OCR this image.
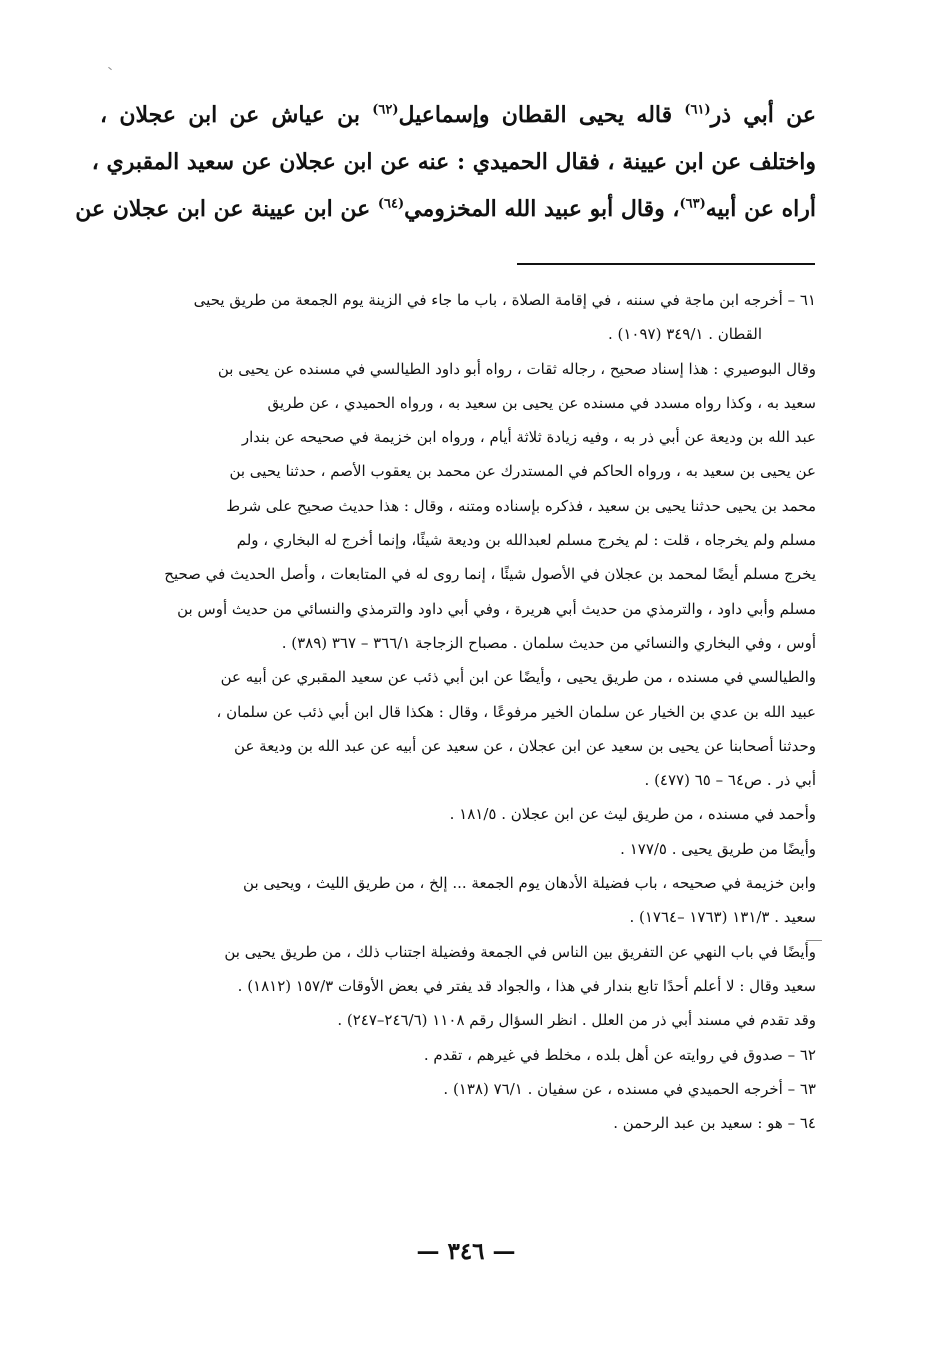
عن أبي ذر$^{(٦١)}$ قاله يحيى القطان وإسماعيل$^{(٦٢)}$ بن عياش عن ابن عجلان ،

واختلف عن ابن عيينة ، فقال الحميدي : عنه عن ابن عجلان عن سعيد المقبري ،

أراه عن أبيه$^{(٦٣)}$، وقال أبو عبيد الله المخزومي$^{(٦٤)}$ عن ابن عيينة عن ابن عجلان عن

٦١ – أخرجه ابن ماجة في سننه ، في إقامة الصلاة ، باب ما جاء في الزينة يوم الجمعة من طريق يحيى
القطان . ٣٤٩/١ (١٠٩٧) .
وقال البوصيري : هذا إسناد صحيح ، رجاله ثقات ، رواه أبو داود الطيالسي في مسنده عن يحيى بن
سعيد به ، وكذا رواه مسدد في مسنده عن يحيى بن سعيد به ، ورواه الحميدي ، عن طريق
عبد الله بن وديعة عن أبي ذر به ، وفيه زيادة ثلاثة أيام ، ورواه ابن خزيمة في صحيحه عن بندار
عن يحيى بن سعيد به ، ورواه الحاكم في المستدرك عن محمد بن يعقوب الأصم ، حدثنا يحيى بن
محمد بن يحيى حدثنا يحيى بن سعيد ، فذكره بإسناده ومتنه ، وقال : هذا حديث صحيح على شرط
مسلم ولم يخرجاه ، قلت : لم يخرج مسلم لعبدالله بن وديعة شيئًا، وإنما أخرج له البخاري ، ولم
يخرج مسلم أيضًا لمحمد بن عجلان في الأصول شيئًا ، إنما روى له في المتابعات ، وأصل الحديث في صحيح
مسلم وأبي داود ، والترمذي من حديث أبي هريرة ، وفي أبي داود والترمذي والنسائي من حديث أوس بن
أوس ، وفي البخاري والنسائي من حديث سلمان . مصباح الزجاجة ٣٦٦/١ – ٣٦٧ (٣٨٩) .
والطيالسي في مسنده ، من طريق يحيى ، وأيضًا عن ابن أبي ذئب عن سعيد المقبري عن أبيه عن
عبيد الله بن عدي بن الخيار عن سلمان الخير مرفوعًا ، وقال : هكذا قال ابن أبي ذئب عن سلمان ،
وحدثنا أصحابنا عن يحيى بن سعيد عن ابن عجلان ، عن سعيد عن أبيه عن عبد الله بن وديعة عن
أبي ذر . ص٦٤ – ٦٥ (٤٧٧) .
وأحمد في مسنده ، من طريق ليث عن ابن عجلان . ١٨١/٥ .
وأيضًا من طريق يحيى . ١٧٧/٥ .
وابن خزيمة في صحيحه ، باب فضيلة الأدهان يوم الجمعة ... إلخ ، من طريق الليث ، ويحيى بن
سعيد . ١٣١/٣ (١٧٦٣ –١٧٦٤) .
وأيضًا في باب النهي عن التفريق بين الناس في الجمعة وفضيلة اجتناب ذلك ، من طريق يحيى بن
سعيد وقال : لا أعلم أحدًا تابع بندار في هذا ، والجواد قد يفتر في بعض الأوقات ١٥٧/٣ (١٨١٢) .
وقد تقدم في مسند أبي ذر من العلل . انظر السؤال رقم ١١٠٨ (٢٤٦/٦–٢٤٧) .
٦٢ – صدوق في روايته عن أهل بلده ، مخلط في غيرهم ، تقدم .
٦٣ – أخرجه الحميدي في مسنده ، عن سفيان . ٧٦/١ (١٣٨) .
٦٤ – هو : سعيد بن عبد الرحمن .
— ٣٤٦ —
